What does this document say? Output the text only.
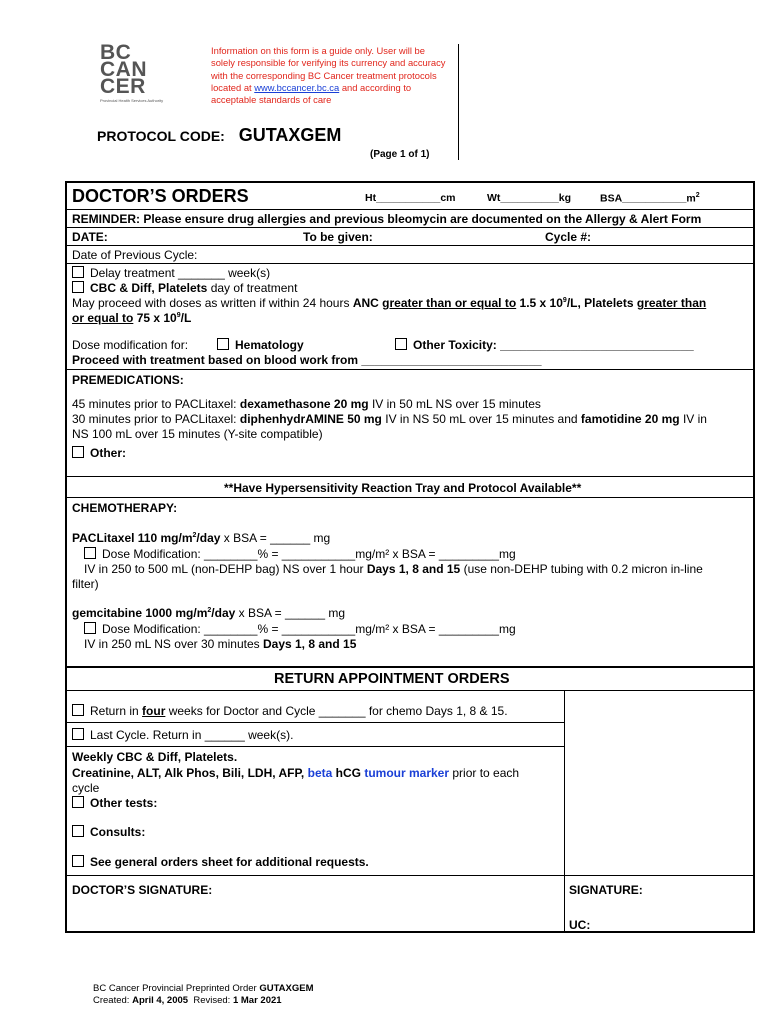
BC
CAN
CER
Provincial Health Services Authority
Information on this form is a guide only. User will be solely responsible for verifying its currency and accuracy with the corresponding BC Cancer treatment protocols located at www.bccancer.bc.ca and according to acceptable standards of care
PROTOCOL CODE: GUTAXGEM
(Page 1 of 1)
DOCTOR’S ORDERS	Ht___________cm	Wt__________kg	$BSA\_\_\_\_\_\_\_\_\_\_\_m^2$
REMINDER: Please ensure drug allergies and previous bleomycin are documented on the Allergy & Alert Form
DATE:	To be given:	Cycle #:
Date of Previous Cycle:
Delay treatment _______ week(s)
CBC & Diff, Platelets day of treatment
May proceed with doses as written if within 24 hours ANC greater than or equal to 1.5 x $10^9/L$, Platelets greater than
or equal to 75 x $10^9/L$
Dose modification for:	Hematology	Other Toxicity: _____________________________
Proceed with treatment based on blood work from ___________________________
PREMEDICATIONS:
45 minutes prior to PACLitaxel: dexamethasone 20 mg IV in 50 mL NS over 15 minutes
30 minutes prior to PACLitaxel: diphenhydrAMINE 50 mg IV in NS 50 mL over 15 minutes and famotidine 20 mg IV in
NS 100 mL over 15 minutes (Y-site compatible)
Other:
**Have Hypersensitivity Reaction Tray and Protocol Available**
CHEMOTHERAPY:
PACLitaxel 110 $mg/m^2$/day x BSA = ______ mg
Dose Modification: ________% = ___________mg/m² x BSA = _________mg
IV in 250 to 500 mL (non-DEHP bag) NS over 1 hour Days 1, 8 and 15 (use non-DEHP tubing with 0.2 micron in-line
filter)
gemcitabine 1000 $mg/m^2$/day x BSA = ______ mg
Dose Modification: ________% = ___________mg/m² x BSA = _________mg
IV in 250 mL NS over 30 minutes Days 1, 8 and 15
RETURN APPOINTMENT ORDERS
Return in four weeks for Doctor and Cycle _______ for chemo Days 1, 8 & 15.
Last Cycle. Return in ______ week(s).
Weekly CBC & Diff, Platelets.
Creatinine, ALT, Alk Phos, Bili, LDH, AFP, beta hCG tumour marker prior to each
cycle
Other tests:
Consults:
See general orders sheet for additional requests.
DOCTOR’S SIGNATURE:	SIGNATURE:
UC:
BC Cancer Provincial Preprinted Order GUTAXGEM
Created: April 4, 2005 Revised: 1 Mar 2021
